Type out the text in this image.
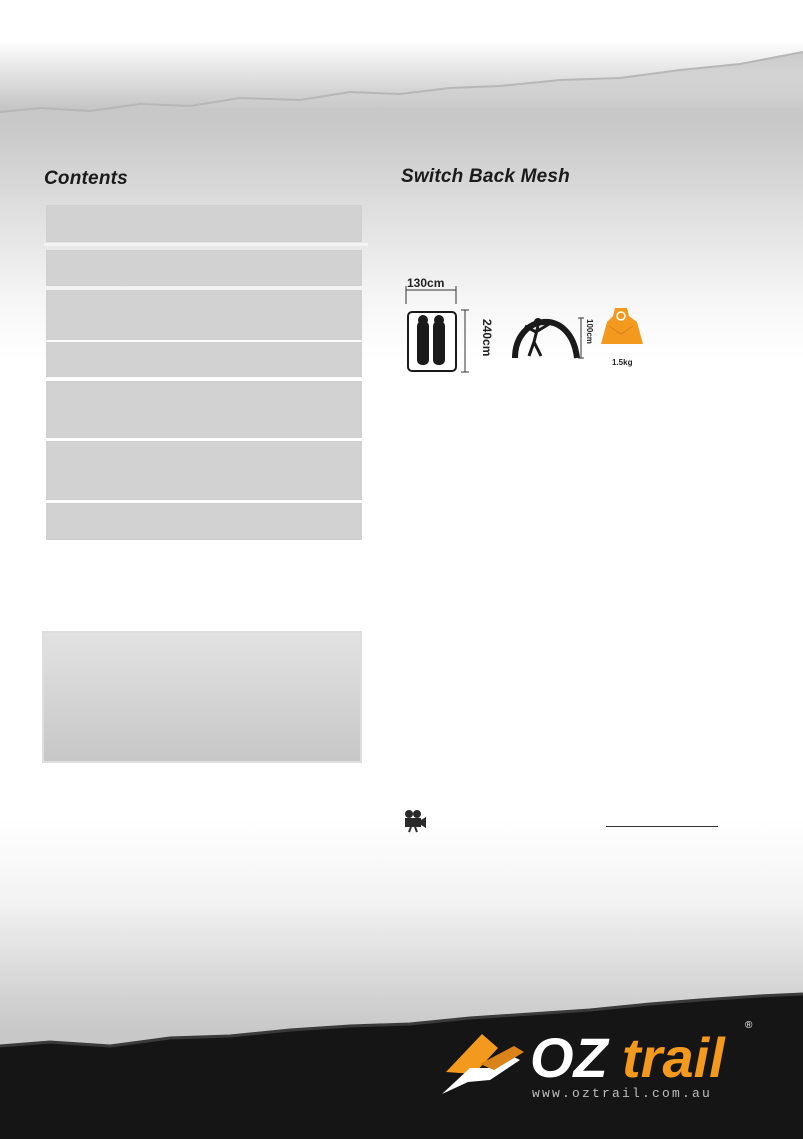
Contents	Switch Back Mesh
130cm
240cm	100cm
1.5kg
OZ trail
®
www.oztrail.com.au
